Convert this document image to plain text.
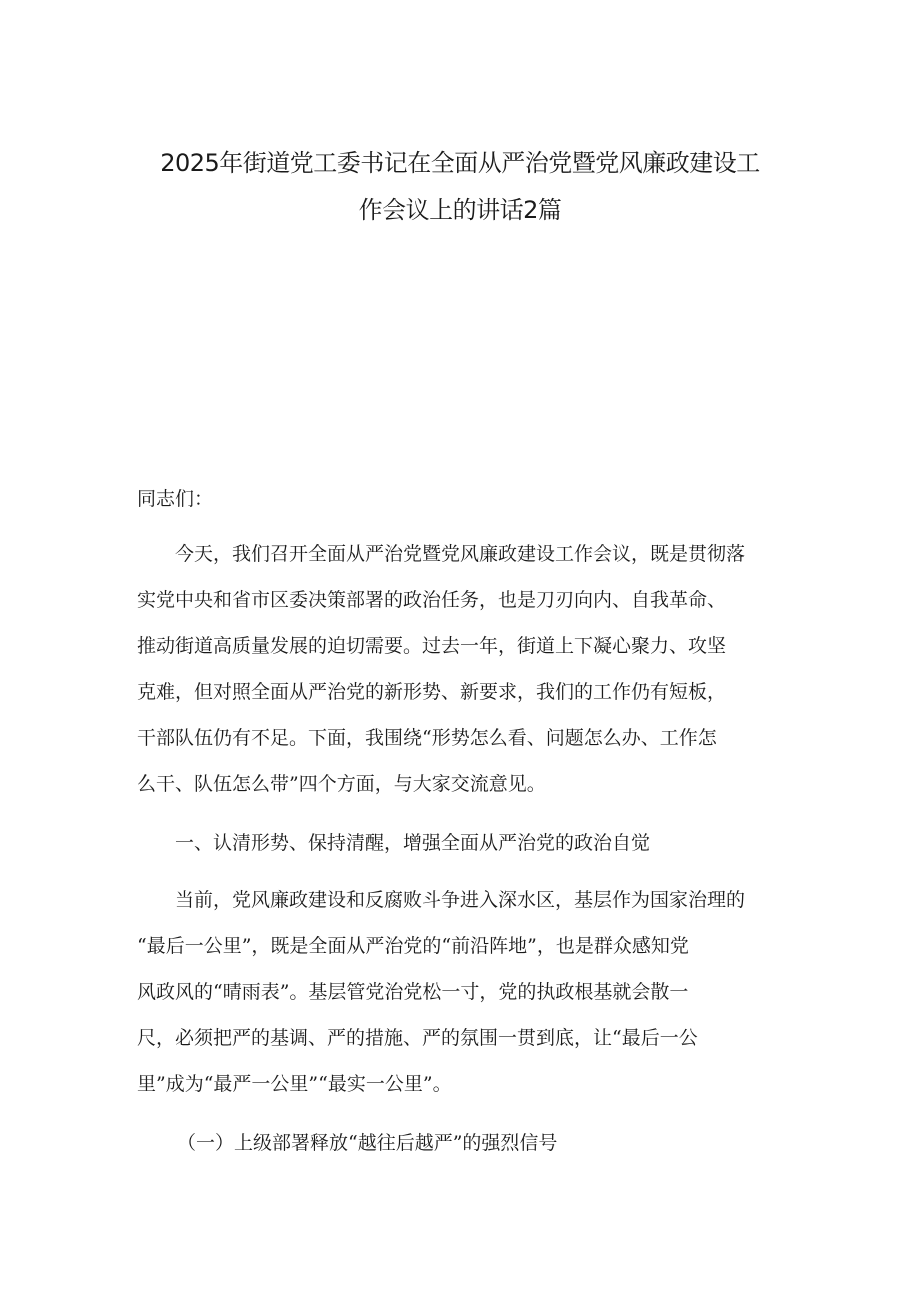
2025年街道党工委书记在全面从严治党暨党风廉政建设工
作会议上的讲话2篇

同志们：

今天，我们召开全面从严治党暨党风廉政建设工作会议，既是贯彻落

实党中央和省市区委决策部署的政治任务，也是刀刃向内、自我革命、

推动街道高质量发展的迫切需要。过去一年，街道上下凝心聚力、攻坚

克难，但对照全面从严治党的新形势、新要求，我们的工作仍有短板，

干部队伍仍有不足。下面，我围绕“形势怎么看、问题怎么办、工作怎

么干、队伍怎么带”四个方面，与大家交流意见。

一、认清形势、保持清醒，增强全面从严治党的政治自觉

当前，党风廉政建设和反腐败斗争进入深水区，基层作为国家治理的

“最后一公里”，既是全面从严治党的“前沿阵地”，也是群众感知党

风政风的“晴雨表”。基层管党治党松一寸，党的执政根基就会散一

尺，必须把严的基调、严的措施、严的氛围一贯到底，让“最后一公

里”成为“最严一公里”“最实一公里”。

（一）上级部署释放“越往后越严”的强烈信号
